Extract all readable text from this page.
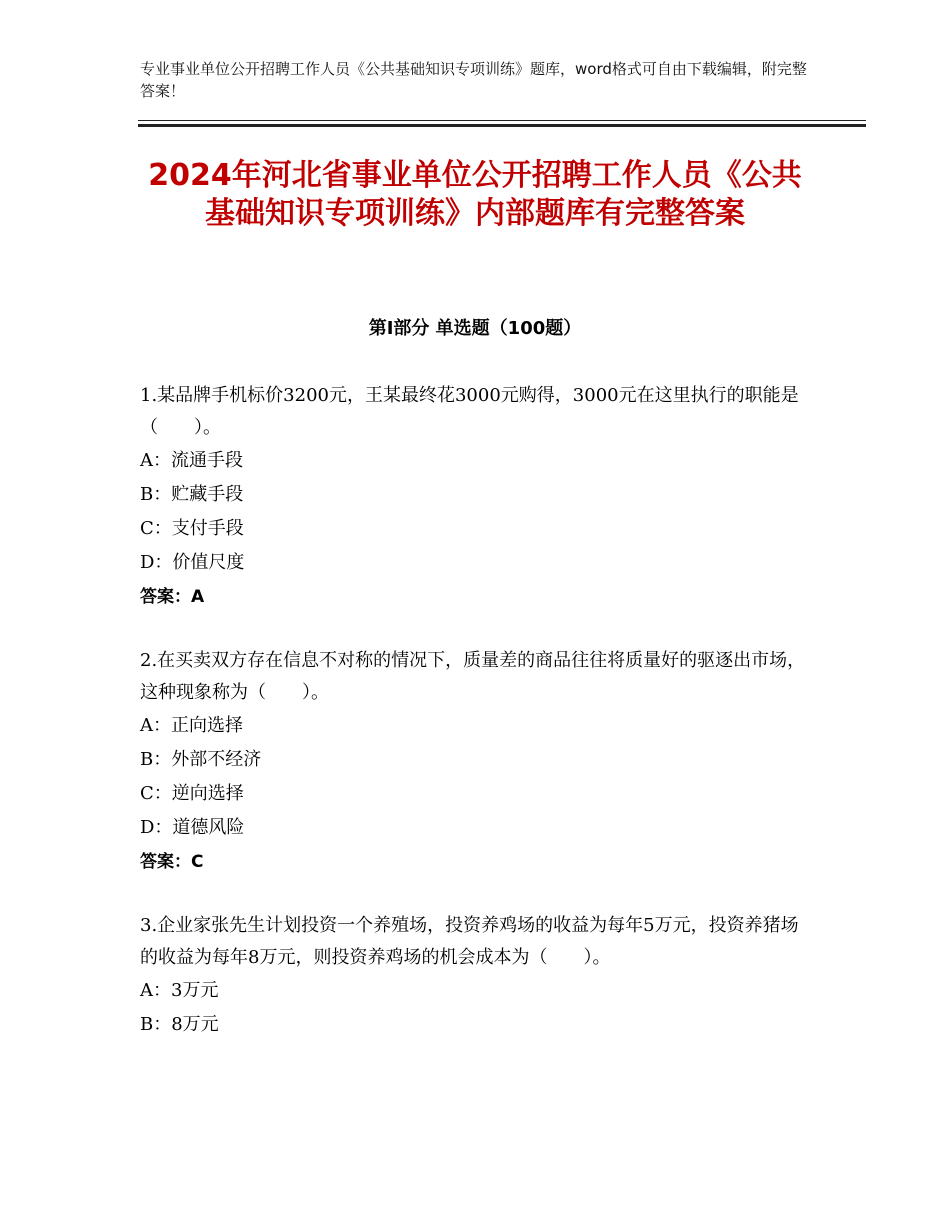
专业事业单位公开招聘工作人员《公共基础知识专项训练》题库，word格式可自由下载编辑，附完整答案！
2024年河北省事业单位公开招聘工作人员《公共基础知识专项训练》内部题库有完整答案
第Ⅰ部分 单选题（100题）

1.某品牌手机标价3200元，王某最终花3000元购得，3000元在这里执行的职能是（　　）。

A：流通手段

B：贮藏手段

C：支付手段

D：价值尺度

答案：A

2.在买卖双方存在信息不对称的情况下，质量差的商品往往将质量好的驱逐出市场，这种现象称为（　　）。

A：正向选择

B：外部不经济

C：逆向选择

D：道德风险

答案：C

3.企业家张先生计划投资一个养殖场，投资养鸡场的收益为每年5万元，投资养猪场的收益为每年8万元，则投资养鸡场的机会成本为（　　）。

A：3万元

B：8万元
